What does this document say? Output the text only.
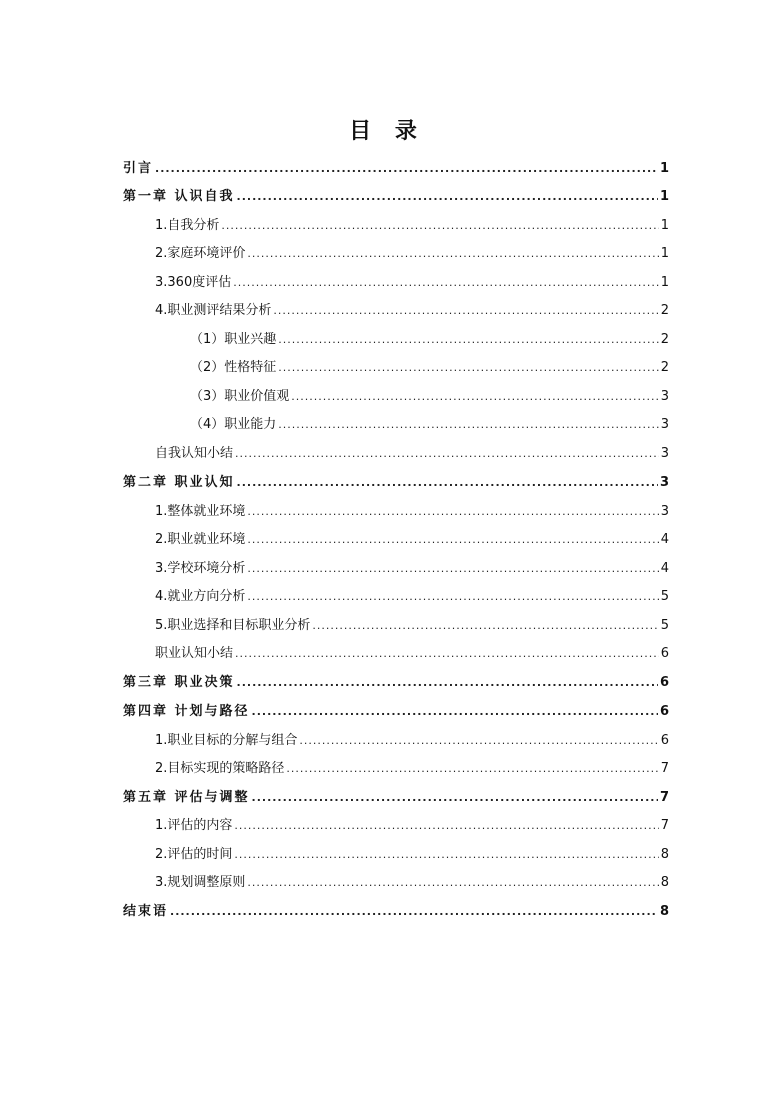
目 录
引言 .....	1
第一章 认识自我 .....	1
1.自我分析 .....	1
2.家庭环境评价 .....	1
3.360度评估 .....	1
4.职业测评结果分析 .....	2
（1）职业兴趣 .....	2
（2）性格特征 .....	2
（3）职业价值观 .....	3
（4）职业能力 .....	3
自我认知小结 .....	3
第二章 职业认知 .....	3
1.整体就业环境 .....	3
2.职业就业环境 .....	4
3.学校环境分析 .....	4
4.就业方向分析 .....	5
5.职业选择和目标职业分析 .....	5
职业认知小结 .....	6
第三章 职业决策 .....	6
第四章 计划与路径 .....	6
1.职业目标的分解与组合 .....	6
2.目标实现的策略路径 .....	7
第五章 评估与调整 .....	7
1.评估的内容 .....	7
2.评估的时间 .....	8
3.规划调整原则 .....	8
结束语 .....	8
